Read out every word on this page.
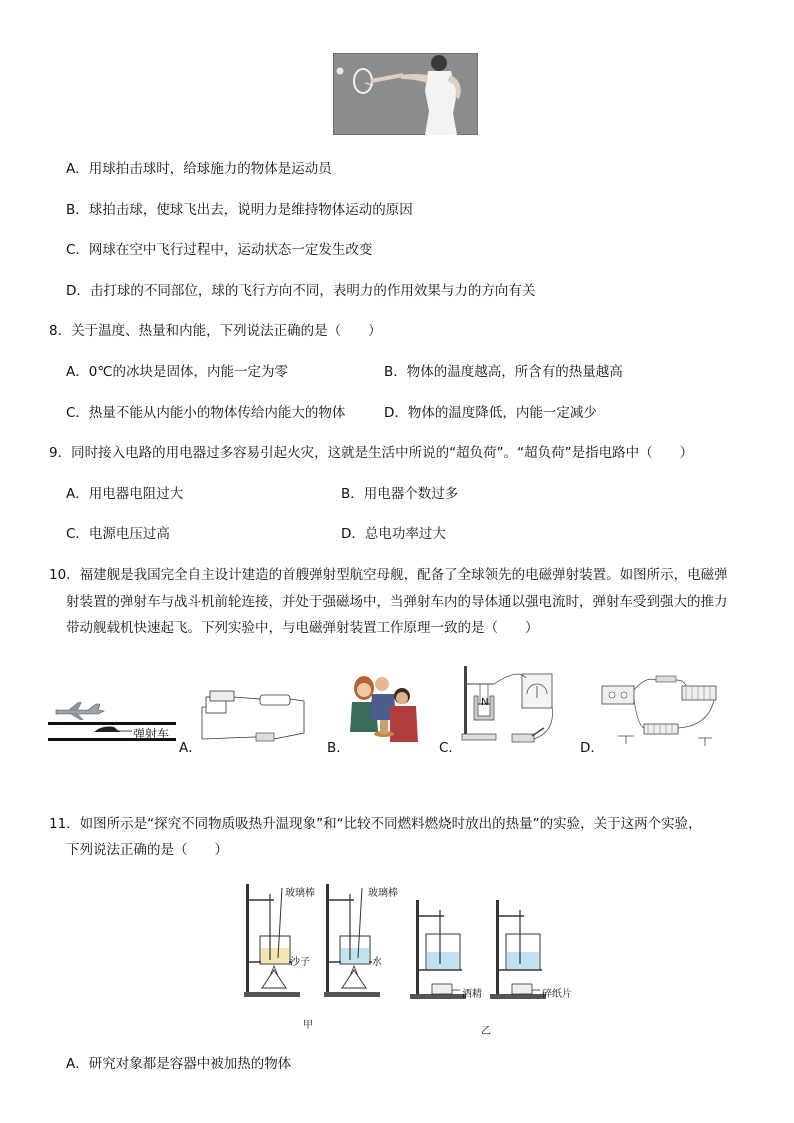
A．用球拍击球时，给球施力的物体是运动员
B．球拍击球，使球飞出去，说明力是维持物体运动的原因
C．网球在空中飞行过程中，运动状态一定发生改变
D．击打球的不同部位，球的飞行方向不同，表明力的作用效果与力的方向有关
8．关于温度、热量和内能，下列说法正确的是（　　）
A．0℃的冰块是固体，内能一定为零	B．物体的温度越高，所含有的热量越高
C．热量不能从内能小的物体传给内能大的物体	D．物体的温度降低，内能一定减少
9．同时接入电路的用电器过多容易引起火灾，这就是生活中所说的“超负荷”。“超负荷”是指电路中（　　）
A．用电器电阻过大	B．用电器个数过多
C．电源电压过高	D．总电功率过大
10．福建舰是我国完全自主设计建造的首艘弹射型航空母舰，配备了全球领先的电磁弹射装置。如图所示，电磁弹
射装置的弹射车与战斗机前轮连接，并处于强磁场中，当弹射车内的导体通以强电流时，弹射车受到强大的推力
带动舰载机快速起飞。下列实验中，与电磁弹射装置工作原理一致的是（　　）
弹射车
A．	B．	C．
N
D．
11．如图所示是“探究不同物质吸热升温现象”和“比较不同燃料燃烧时放出的热量”的实验，关于这两个实验，
下列说法正确的是（　　）
玻璃棒	玻璃棒
沙子	水
酒精	碎纸片
甲
乙
A．研究对象都是容器中被加热的物体
